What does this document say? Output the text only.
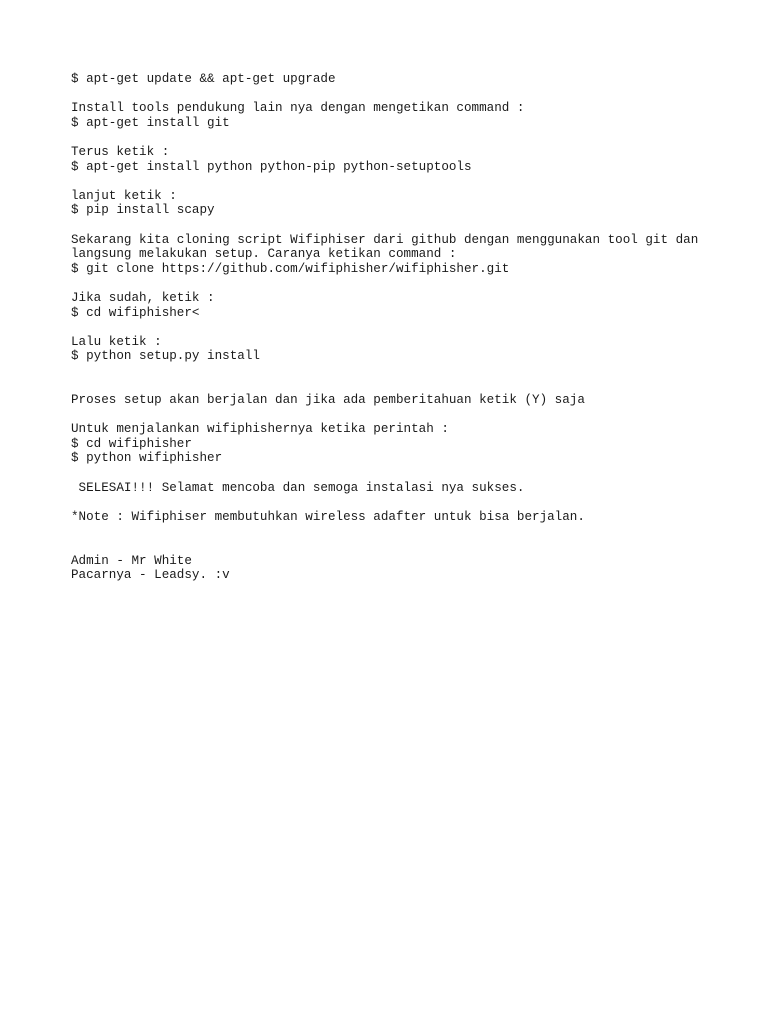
$ apt-get update && apt-get upgrade
Install tools pendukung lain nya dengan mengetikan command :
$ apt-get install git
Terus ketik :
$ apt-get install python python-pip python-setuptools
lanjut ketik :
$ pip install scapy
Sekarang kita cloning script Wifiphiser dari github dengan menggunakan tool git dan
langsung melakukan setup. Caranya ketikan command :
$ git clone https://github.com/wifiphisher/wifiphisher.git
Jika sudah, ketik :
$ cd wifiphisher<
Lalu ketik :
$ python setup.py install
Proses setup akan berjalan dan jika ada pemberitahuan ketik (Y) saja
Untuk menjalankan wifiphishernya ketika perintah :
$ cd wifiphisher
$ python wifiphisher
SELESAI!!! Selamat mencoba dan semoga instalasi nya sukses.
*Note : Wifiphiser membutuhkan wireless adafter untuk bisa berjalan.
Admin - Mr White
Pacarnya - Leadsy. :v
